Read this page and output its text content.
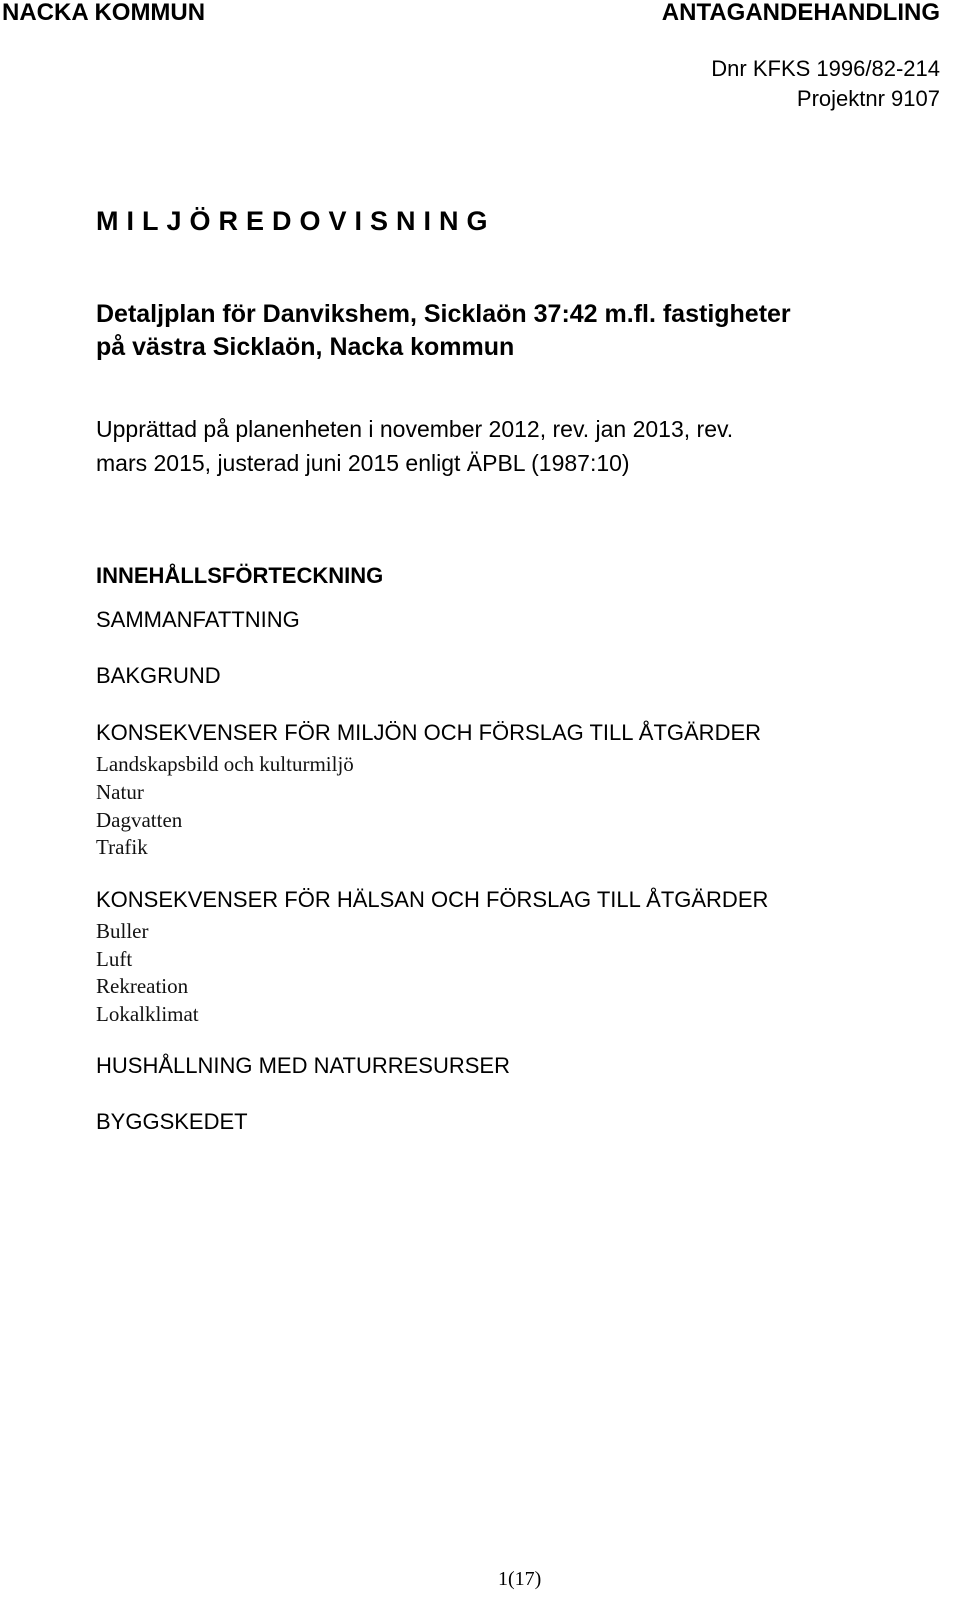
NACKA KOMMUN	ANTAGANDEHANDLING
Dnr KFKS 1996/82-214
Projektnr 9107
MILJÖREDOVISNING
Detaljplan för Danvikshem, Sicklaön 37:42 m.fl. fastigheter
på västra Sicklaön, Nacka kommun
Upprättad på planenheten i november 2012, rev. jan 2013, rev.
mars 2015, justerad juni 2015 enligt ÄPBL (1987:10)
INNEHÅLLSFÖRTECKNING
SAMMANFATTNING
BAKGRUND
KONSEKVENSER FÖR MILJÖN OCH FÖRSLAG TILL ÅTGÄRDER
Landskapsbild och kulturmiljö
Natur
Dagvatten
Trafik
KONSEKVENSER FÖR HÄLSAN OCH FÖRSLAG TILL ÅTGÄRDER
Buller
Luft
Rekreation
Lokalklimat
HUSHÅLLNING MED NATURRESURSER
BYGGSKEDET
1(17)
